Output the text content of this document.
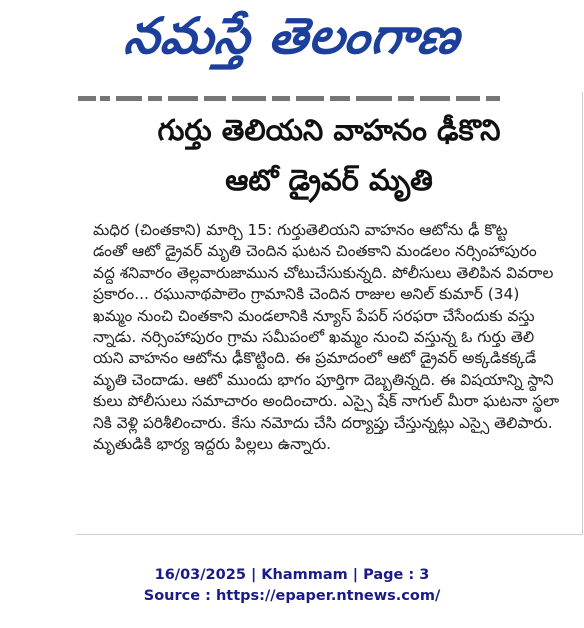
నమస్తే తెలంగాణ
గుర్తు తెలియని వాహనం ఢీకొని
ఆటో డ్రైవర్ మృతి
మధిర (చింతకాని) మార్చి 15: గుర్తుతెలియని వాహనం ఆటోను ఢీ కొట్ట
డంతో ఆటో డ్రైవర్ మృతి చెందిన ఘటన చింతకాని మండలం నర్సింహాపురం
వద్ద శనివారం తెల్లవారుజామున చోటుచేసుకున్నది. పోలీసులు తెలిపిన వివరాల
ప్రకారం... రఘునాథపాలెం గ్రామానికి చెందిన రాజుల అనిల్ కుమార్ (34)
ఖమ్మం నుంచి చింతకాని మండలానికి న్యూస్ పేపర్ సరఫరా చేసేందుకు వస్తు
న్నాడు. నర్సింహాపురం గ్రామ సమీపంలో ఖమ్మం నుంచి వస్తున్న ఓ గుర్తు తెలి
యని వాహనం ఆటోను ఢీకొట్టింది. ఈ ప్రమాదంలో ఆటో డ్రైవర్ అక్కడికక్కడే
మృతి చెందాడు. ఆటో ముందు భాగం పూర్తిగా దెబ్బతిన్నది. ఈ విషయాన్ని స్థాని
కులు పోలీసులు సమాచారం అందించారు. ఎస్సై షేక్ నాగుల్ మీరా ఘటనా స్థలా
నికి వెళ్లి పరిశీలించారు. కేసు నమోదు చేసి దర్యాప్తు చేస్తున్నట్లు ఎస్సై తెలిపారు.
మృతుడికి భార్య ఇద్దరు పిల్లలు ఉన్నారు.
16/03/2025 | Khammam | Page : 3
Source : https://epaper.ntnews.com/
